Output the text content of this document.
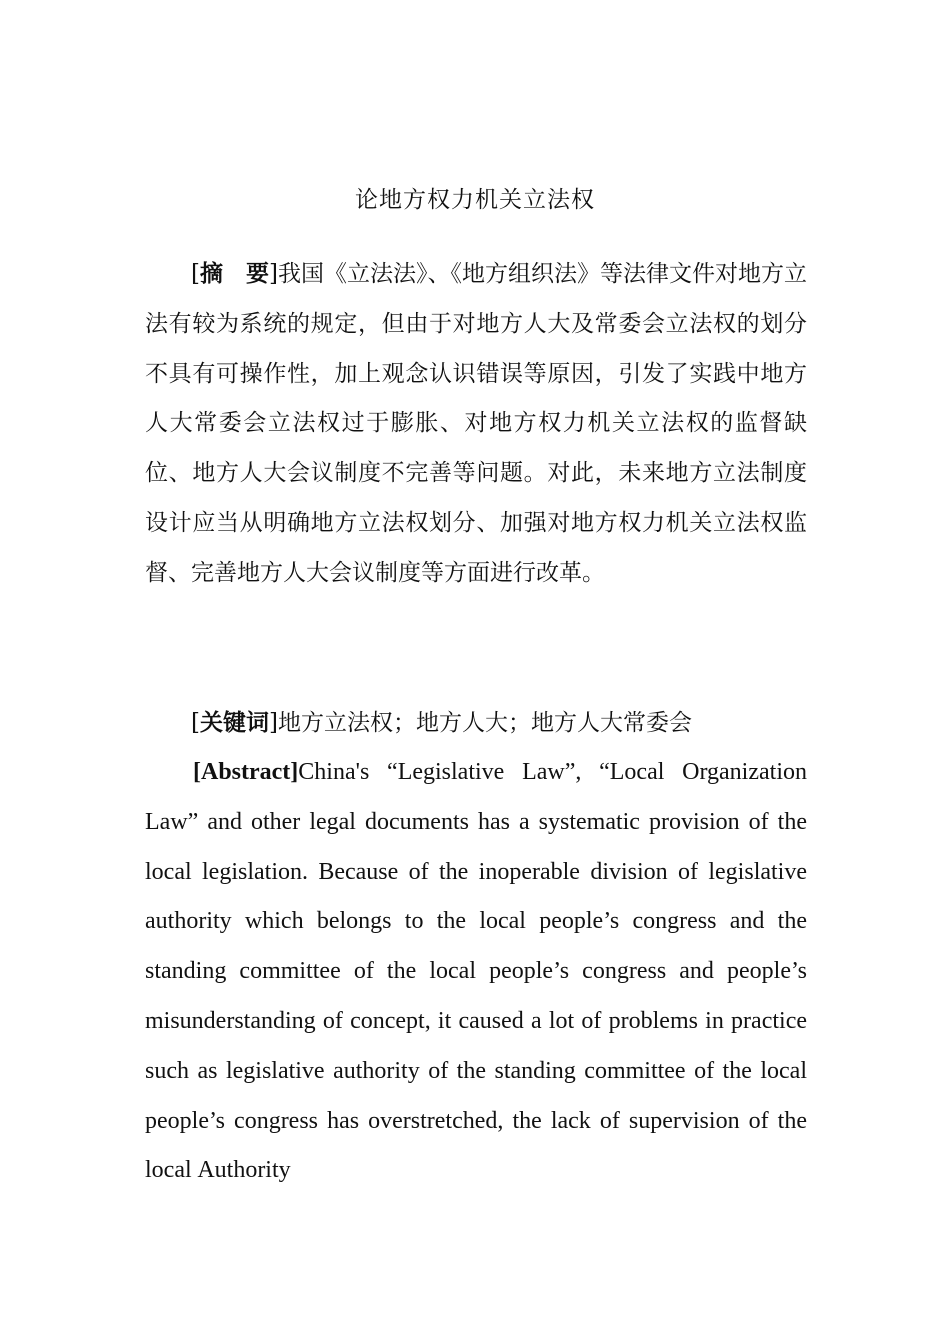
论地方权力机关立法权

[摘　要]我国《立法法》、《地方组织法》等法律文件对地方立法有较为系统的规定，但由于对地方人大及常委会立法权的划分不具有可操作性，加上观念认识错误等原因，引发了实践中地方人大常委会立法权过于膨胀、对地方权力机关立法权的监督缺位、地方人大会议制度不完善等问题。对此，未来地方立法制度设计应当从明确地方立法权划分、加强对地方权力机关立法权监督、完善地方人大会议制度等方面进行改革。

[关键词]地方立法权；地方人大；地方人大常委会

[Abstract]China's “Legislative Law”, “Local Organization Law” and other legal documents has a systematic provision of the local legislation. Because of the inoperable division of legislative authority which belongs to the local people’s congress and the standing committee of the local people’s congress and people’s misunderstanding of concept, it caused a lot of problems in practice such as legislative authority of the standing committee of the local people’s congress has overstretched, the lack of supervision of the local Authority
